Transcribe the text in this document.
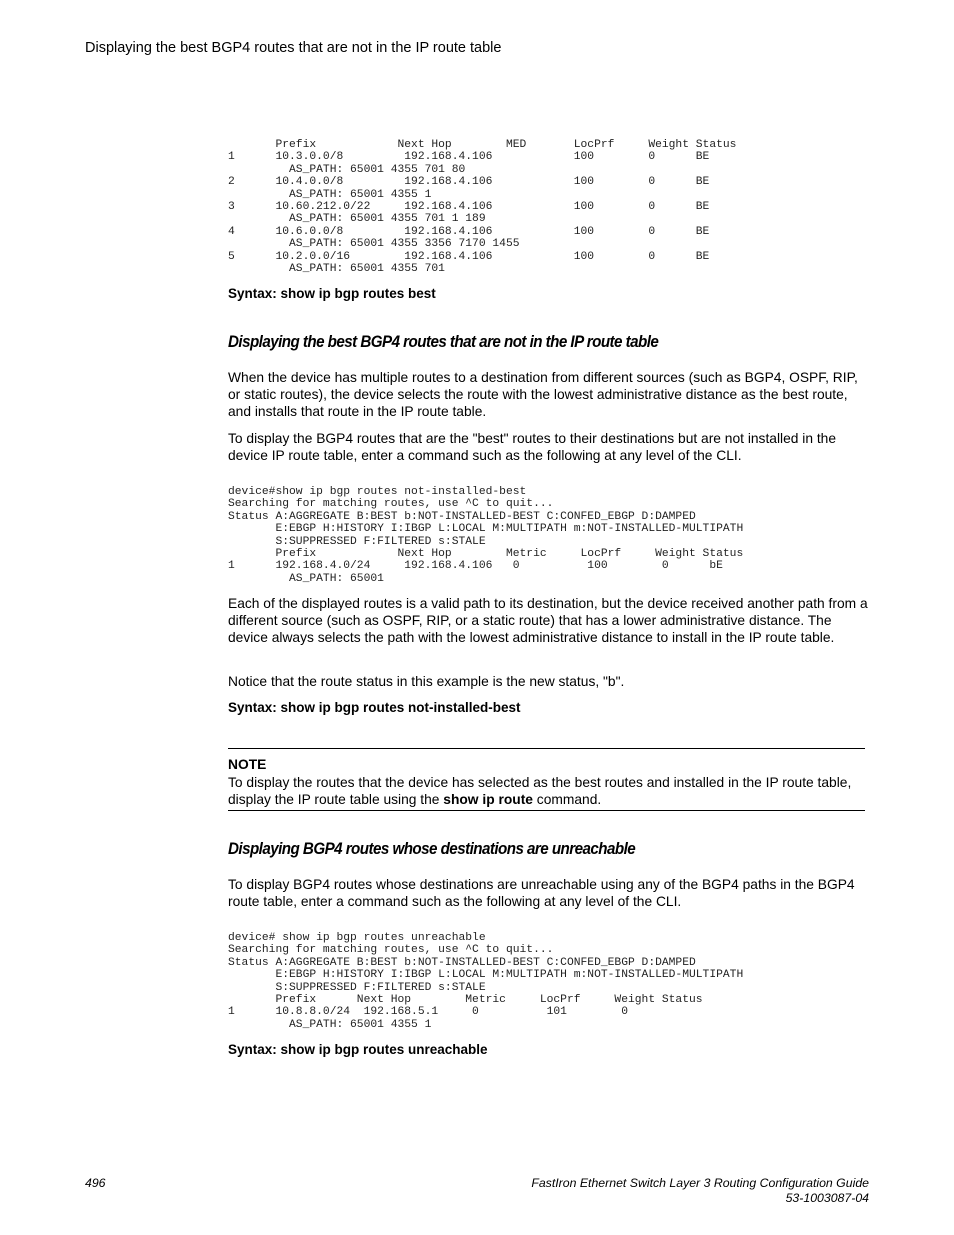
Displaying the best BGP4 routes that are not in the IP route table
Prefix            Next Hop        MED       LocPrf     Weight Status
1      10.3.0.0/8         192.168.4.106            100        0      BE
AS_PATH: 65001 4355 701 80
2      10.4.0.0/8         192.168.4.106            100        0      BE
AS_PATH: 65001 4355 1
3      10.60.212.0/22     192.168.4.106            100        0      BE
AS_PATH: 65001 4355 701 1 189
4      10.6.0.0/8         192.168.4.106            100        0      BE
AS_PATH: 65001 4355 3356 7170 1455
5      10.2.0.0/16        192.168.4.106            100        0      BE
AS_PATH: 65001 4355 701
Syntax: show ip bgp routes best
Displaying the best BGP4 routes that are not in the IP route table

When the device has multiple routes to a destination from different sources (such as BGP4, OSPF, RIP, or static routes), the device selects the route with the lowest administrative distance as the best route, and installs that route in the IP route table.

To display the BGP4 routes that are the "best" routes to their destinations but are not installed in the device IP route table, enter a command such as the following at any level of the CLI.

device#show ip bgp routes not-installed-best
Searching for matching routes, use ^C to quit...
Status A:AGGREGATE B:BEST b:NOT-INSTALLED-BEST C:CONFED_EBGP D:DAMPED
E:EBGP H:HISTORY I:IBGP L:LOCAL M:MULTIPATH m:NOT-INSTALLED-MULTIPATH
S:SUPPRESSED F:FILTERED s:STALE
Prefix            Next Hop        Metric     LocPrf     Weight Status
1      192.168.4.0/24     192.168.4.106   0          100        0      bE
AS_PATH: 65001

Each of the displayed routes is a valid path to its destination, but the device received another path from a different source (such as OSPF, RIP, or a static route) that has a lower administrative distance. The device always selects the path with the lowest administrative distance to install in the IP route table.

Notice that the route status in this example is the new status, "b".

Syntax: show ip bgp routes not-installed-best
NOTE

To display the routes that the device has selected as the best routes and installed in the IP route table, display the IP route table using the show ip route command.

Displaying BGP4 routes whose destinations are unreachable

To display BGP4 routes whose destinations are unreachable using any of the BGP4 paths in the BGP4 route table, enter a command such as the following at any level of the CLI.

device# show ip bgp routes unreachable
Searching for matching routes, use ^C to quit...
Status A:AGGREGATE B:BEST b:NOT-INSTALLED-BEST C:CONFED_EBGP D:DAMPED
E:EBGP H:HISTORY I:IBGP L:LOCAL M:MULTIPATH m:NOT-INSTALLED-MULTIPATH
S:SUPPRESSED F:FILTERED s:STALE
Prefix      Next Hop        Metric     LocPrf     Weight Status
1      10.8.8.0/24  192.168.5.1     0          101        0
AS_PATH: 65001 4355 1
Syntax: show ip bgp routes unreachable
496	FastIron Ethernet Switch Layer 3 Routing Configuration Guide
53-1003087-04
